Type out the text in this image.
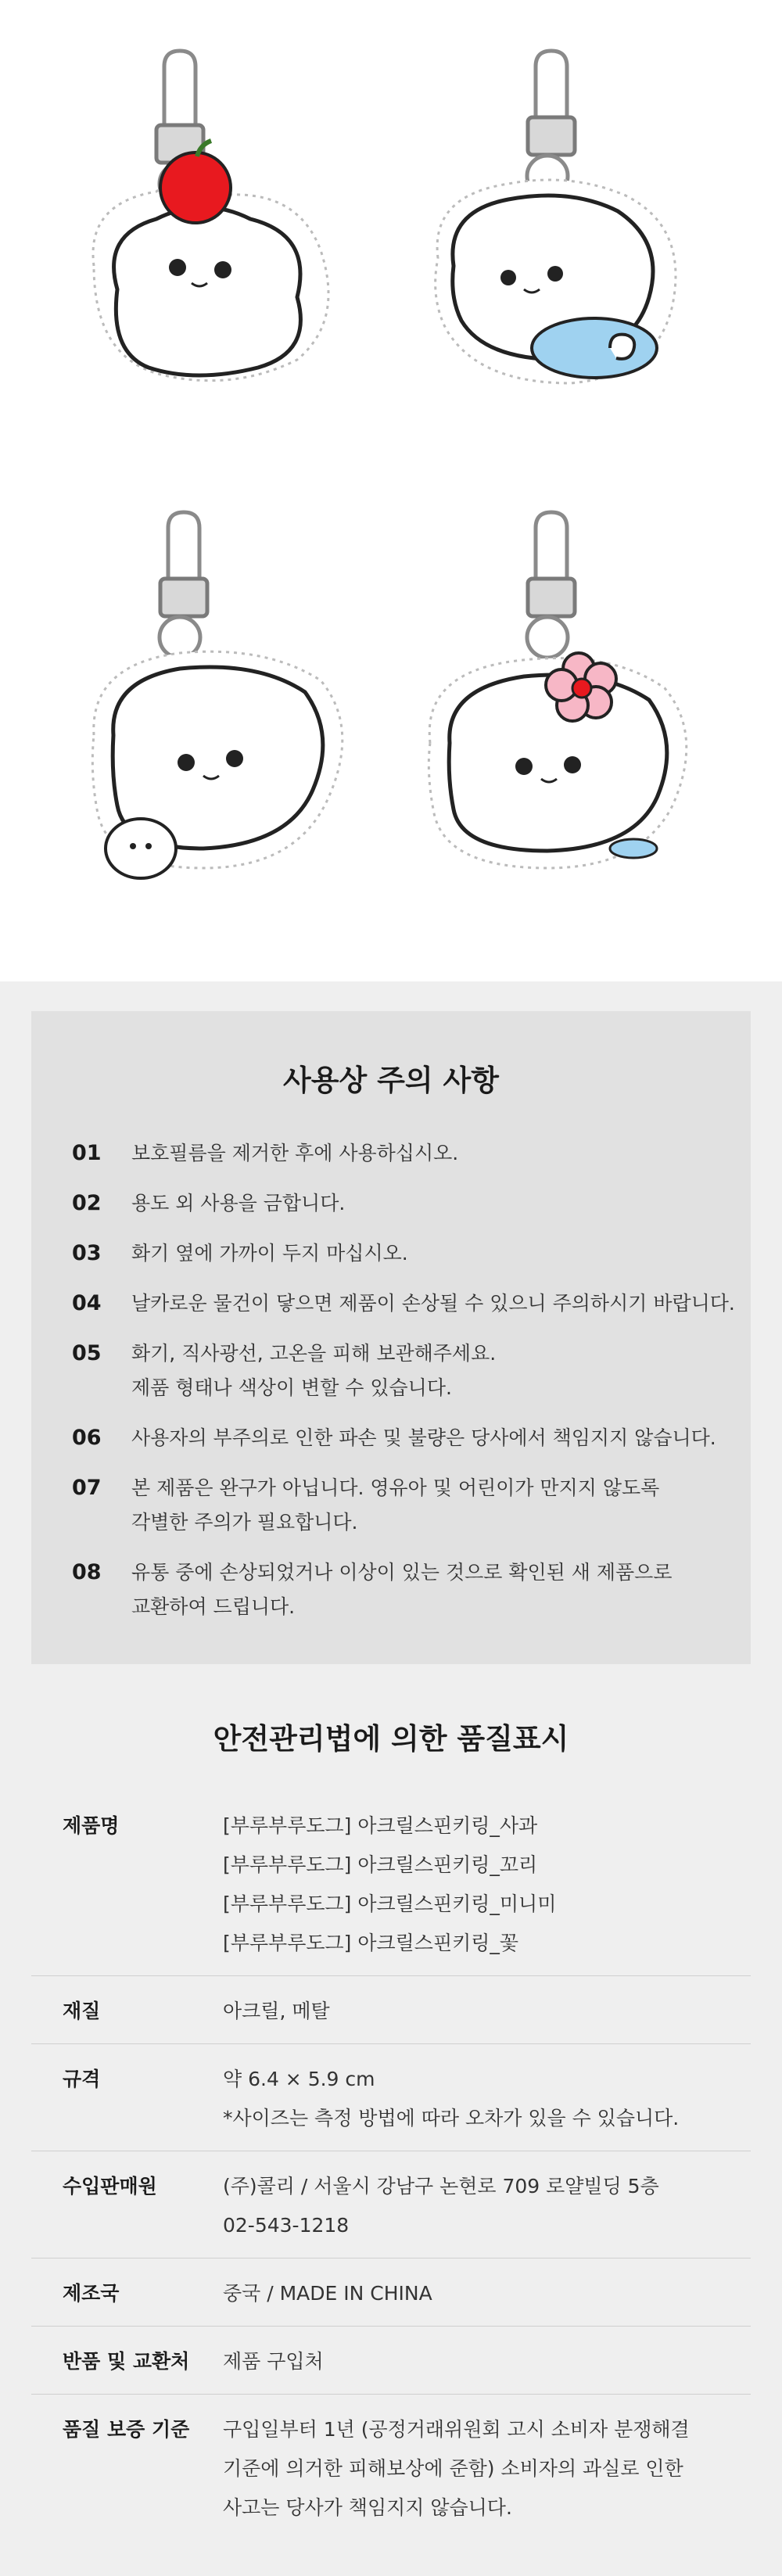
사용상 주의 사항
01	보호필름을 제거한 후에 사용하십시오.
02	용도 외 사용을 금합니다.
03	화기 옆에 가까이 두지 마십시오.
04	날카로운 물건이 닿으면 제품이 손상될 수 있으니 주의하시기 바랍니다.
05	화기, 직사광선, 고온을 피해 보관해주세요.
제품 형태나 색상이 변할 수 있습니다.
06	사용자의 부주의로 인한 파손 및 불량은 당사에서 책임지지 않습니다.
07	본 제품은 완구가 아닙니다. 영유아 및 어린이가 만지지 않도록
각별한 주의가 필요합니다.
08	유통 중에 손상되었거나 이상이 있는 것으로 확인된 새 제품으로
교환하여 드립니다.
안전관리법에 의한 품질표시
제품명	[부루부루도그] 아크릴스핀키링_사과
[부루부루도그] 아크릴스핀키링_꼬리
[부루부루도그] 아크릴스핀키링_미니미
[부루부루도그] 아크릴스핀키링_꽃
재질	아크릴, 메탈
규격	약 6.4 × 5.9 cm
*사이즈는 측정 방법에 따라 오차가 있을 수 있습니다.
수입판매원	(주)콜리 / 서울시 강남구 논현로 709 로얄빌딩 5층
02-543-1218
제조국	중국 / MADE IN CHINA
반품 및 교환처	제품 구입처
품질 보증 기준	구입일부터 1년 (공정거래위원회 고시 소비자 분쟁해결
기준에 의거한 피해보상에 준함) 소비자의 과실로 인한
사고는 당사가 책임지지 않습니다.
